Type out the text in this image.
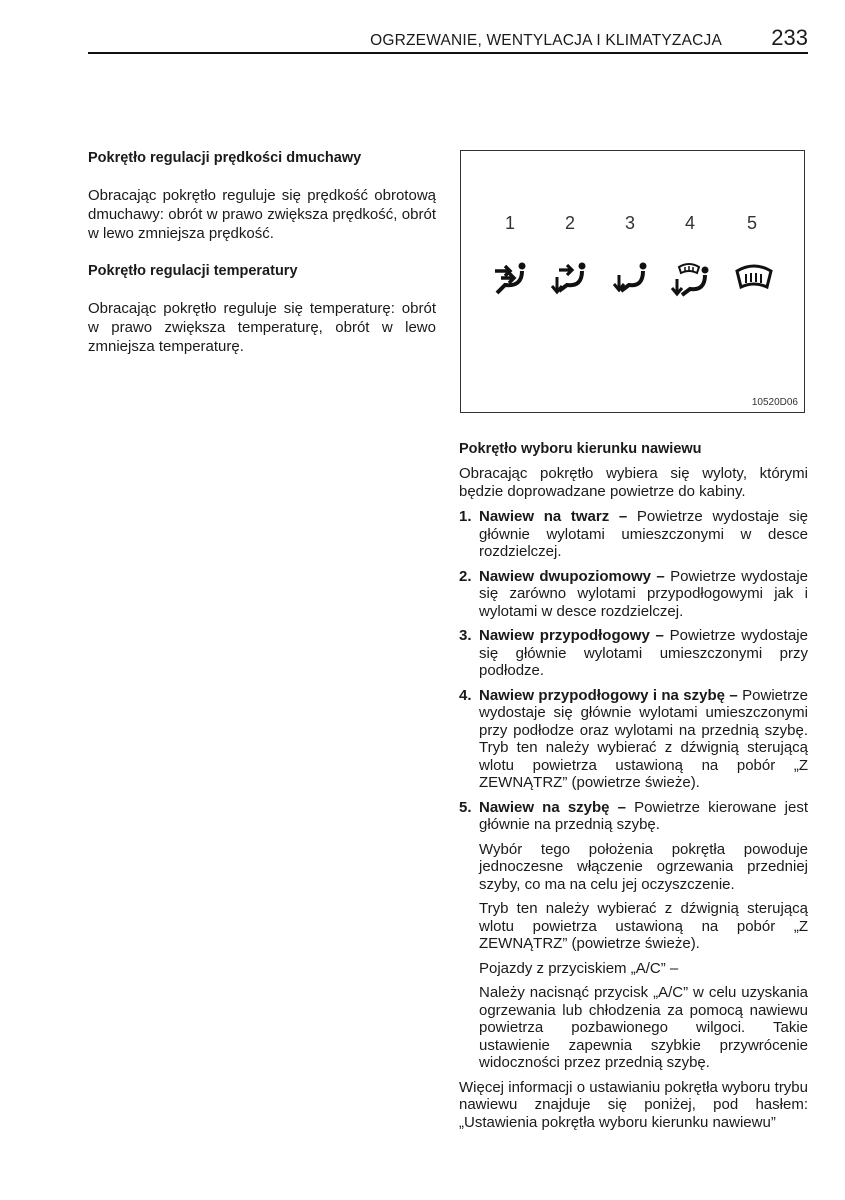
OGRZEWANIE, WENTYLACJA I KLIMATYZACJA 233

Pokrętło regulacji prędkości dmuchawy

Obracając pokrętło reguluje się prędkość obrotową dmuchawy: obrót w prawo zwiększa prędkość, obrót w lewo zmniejsza prędkość.

Pokrętło regulacji temperatury

Obracając pokrętło reguluje się temperaturę: obrót w prawo zwiększa temperaturę, obrót w lewo zmniejsza temperaturę.

1	2	3	4	5
10520D06

Pokrętło wyboru kierunku nawiewu

Obracając pokrętło wybiera się wyloty, którymi będzie doprowadzane powietrze do kabiny.

1. Nawiew na twarz – Powietrze wydostaje się głównie wylotami umieszczonymi w desce rozdzielczej.
2. Nawiew dwupoziomowy – Powietrze wydostaje się zarówno wylotami przypodłogowymi jak i wylotami w desce rozdzielczej.
3. Nawiew przypodłogowy – Powietrze wydostaje się głównie wylotami umieszczonymi przy podłodze.
4. Nawiew przypodłogowy i na szybę – Powietrze wydostaje się głównie wylotami umieszczonymi przy podłodze oraz wylotami na przednią szybę. Tryb ten należy wybierać z dźwignią sterującą wlotu powietrza ustawioną na pobór „Z ZEWNĄTRZ” (powietrze świeże).
5. Nawiew na szybę – Powietrze kierowane jest głównie na przednią szybę.

Wybór tego położenia pokrętła powoduje jednoczesne włączenie ogrzewania przedniej szyby, co ma na celu jej oczyszczenie.

Tryb ten należy wybierać z dźwignią sterującą wlotu powietrza ustawioną na pobór „Z ZEWNĄTRZ” (powietrze świeże).

Pojazdy z przyciskiem „A/C” –

Należy nacisnąć przycisk „A/C” w celu uzyskania ogrzewania lub chłodzenia za pomocą nawiewu powietrza pozbawionego wilgoci. Takie ustawienie zapewnia szybkie przywrócenie widoczności przez przednią szybę.

Więcej informacji o ustawianiu pokrętła wyboru trybu nawiewu znajduje się poniżej, pod hasłem: „Ustawienia pokrętła wyboru kierunku nawiewu”
